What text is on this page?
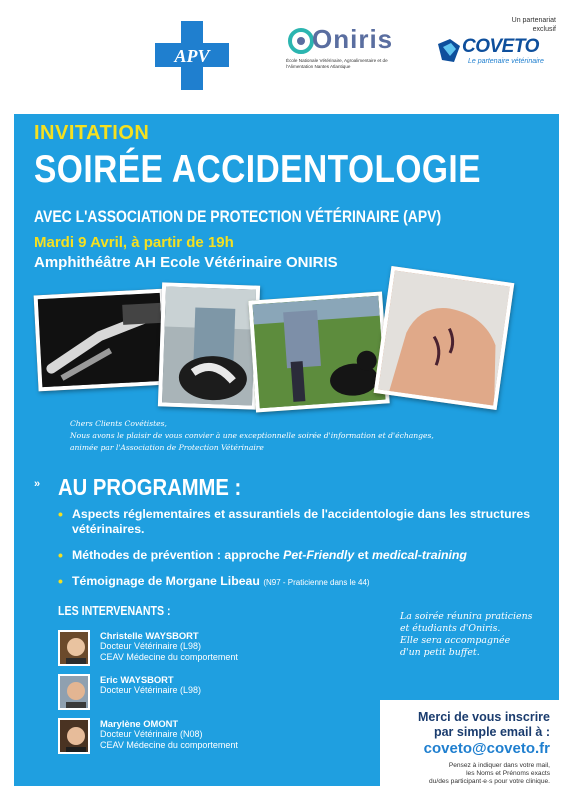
APV
Oniris
École Nationale Vétérinaire, Agroalimentaire et de l'Alimentation Nantes Atlantique
Un partenariat exclusif
COVETO
Le partenaire vétérinaire
﹀
INVITATION
SOIRÉE ACCIDENTOLOGIE
AVEC L'ASSOCIATION DE PROTECTION VÉTÉRINAIRE (APV)
Mardi 9 Avril, à partir de 19h
Amphithéâtre AH Ecole Vétérinaire ONIRIS
Chers Clients Covétistes,
Nous avons le plaisir de vous convier à une exceptionnelle soirée d'information et d'échanges,
animée par l'Association de Protection Vétérinaire
» AU PROGRAMME :
• Aspects réglementaires et assurantiels de l'accidentologie dans les structures vétérinaires.
• Méthodes de prévention : approche Pet-Friendly et medical-training
• Témoignage de Morgane Libeau (N97 - Praticienne dans le 44)
LES INTERVENANTS :
Christelle WAYSBORT
Docteur Vétérinaire (L98)
CEAV Médecine du comportement
Eric WAYSBORT
Docteur Vétérinaire (L98)
Marylène OMONT
Docteur Vétérinaire (N08)
CEAV Médecine du comportement
La soirée réunira praticiens
et étudiants d'Oniris.
Elle sera accompagnée
d'un petit buffet.
Merci de vous inscrire
par simple email à :
coveto@coveto.fr
Pensez à indiquer dans votre mail,
les Noms et Prénoms exacts
du/des participant·e·s pour votre clinique.
